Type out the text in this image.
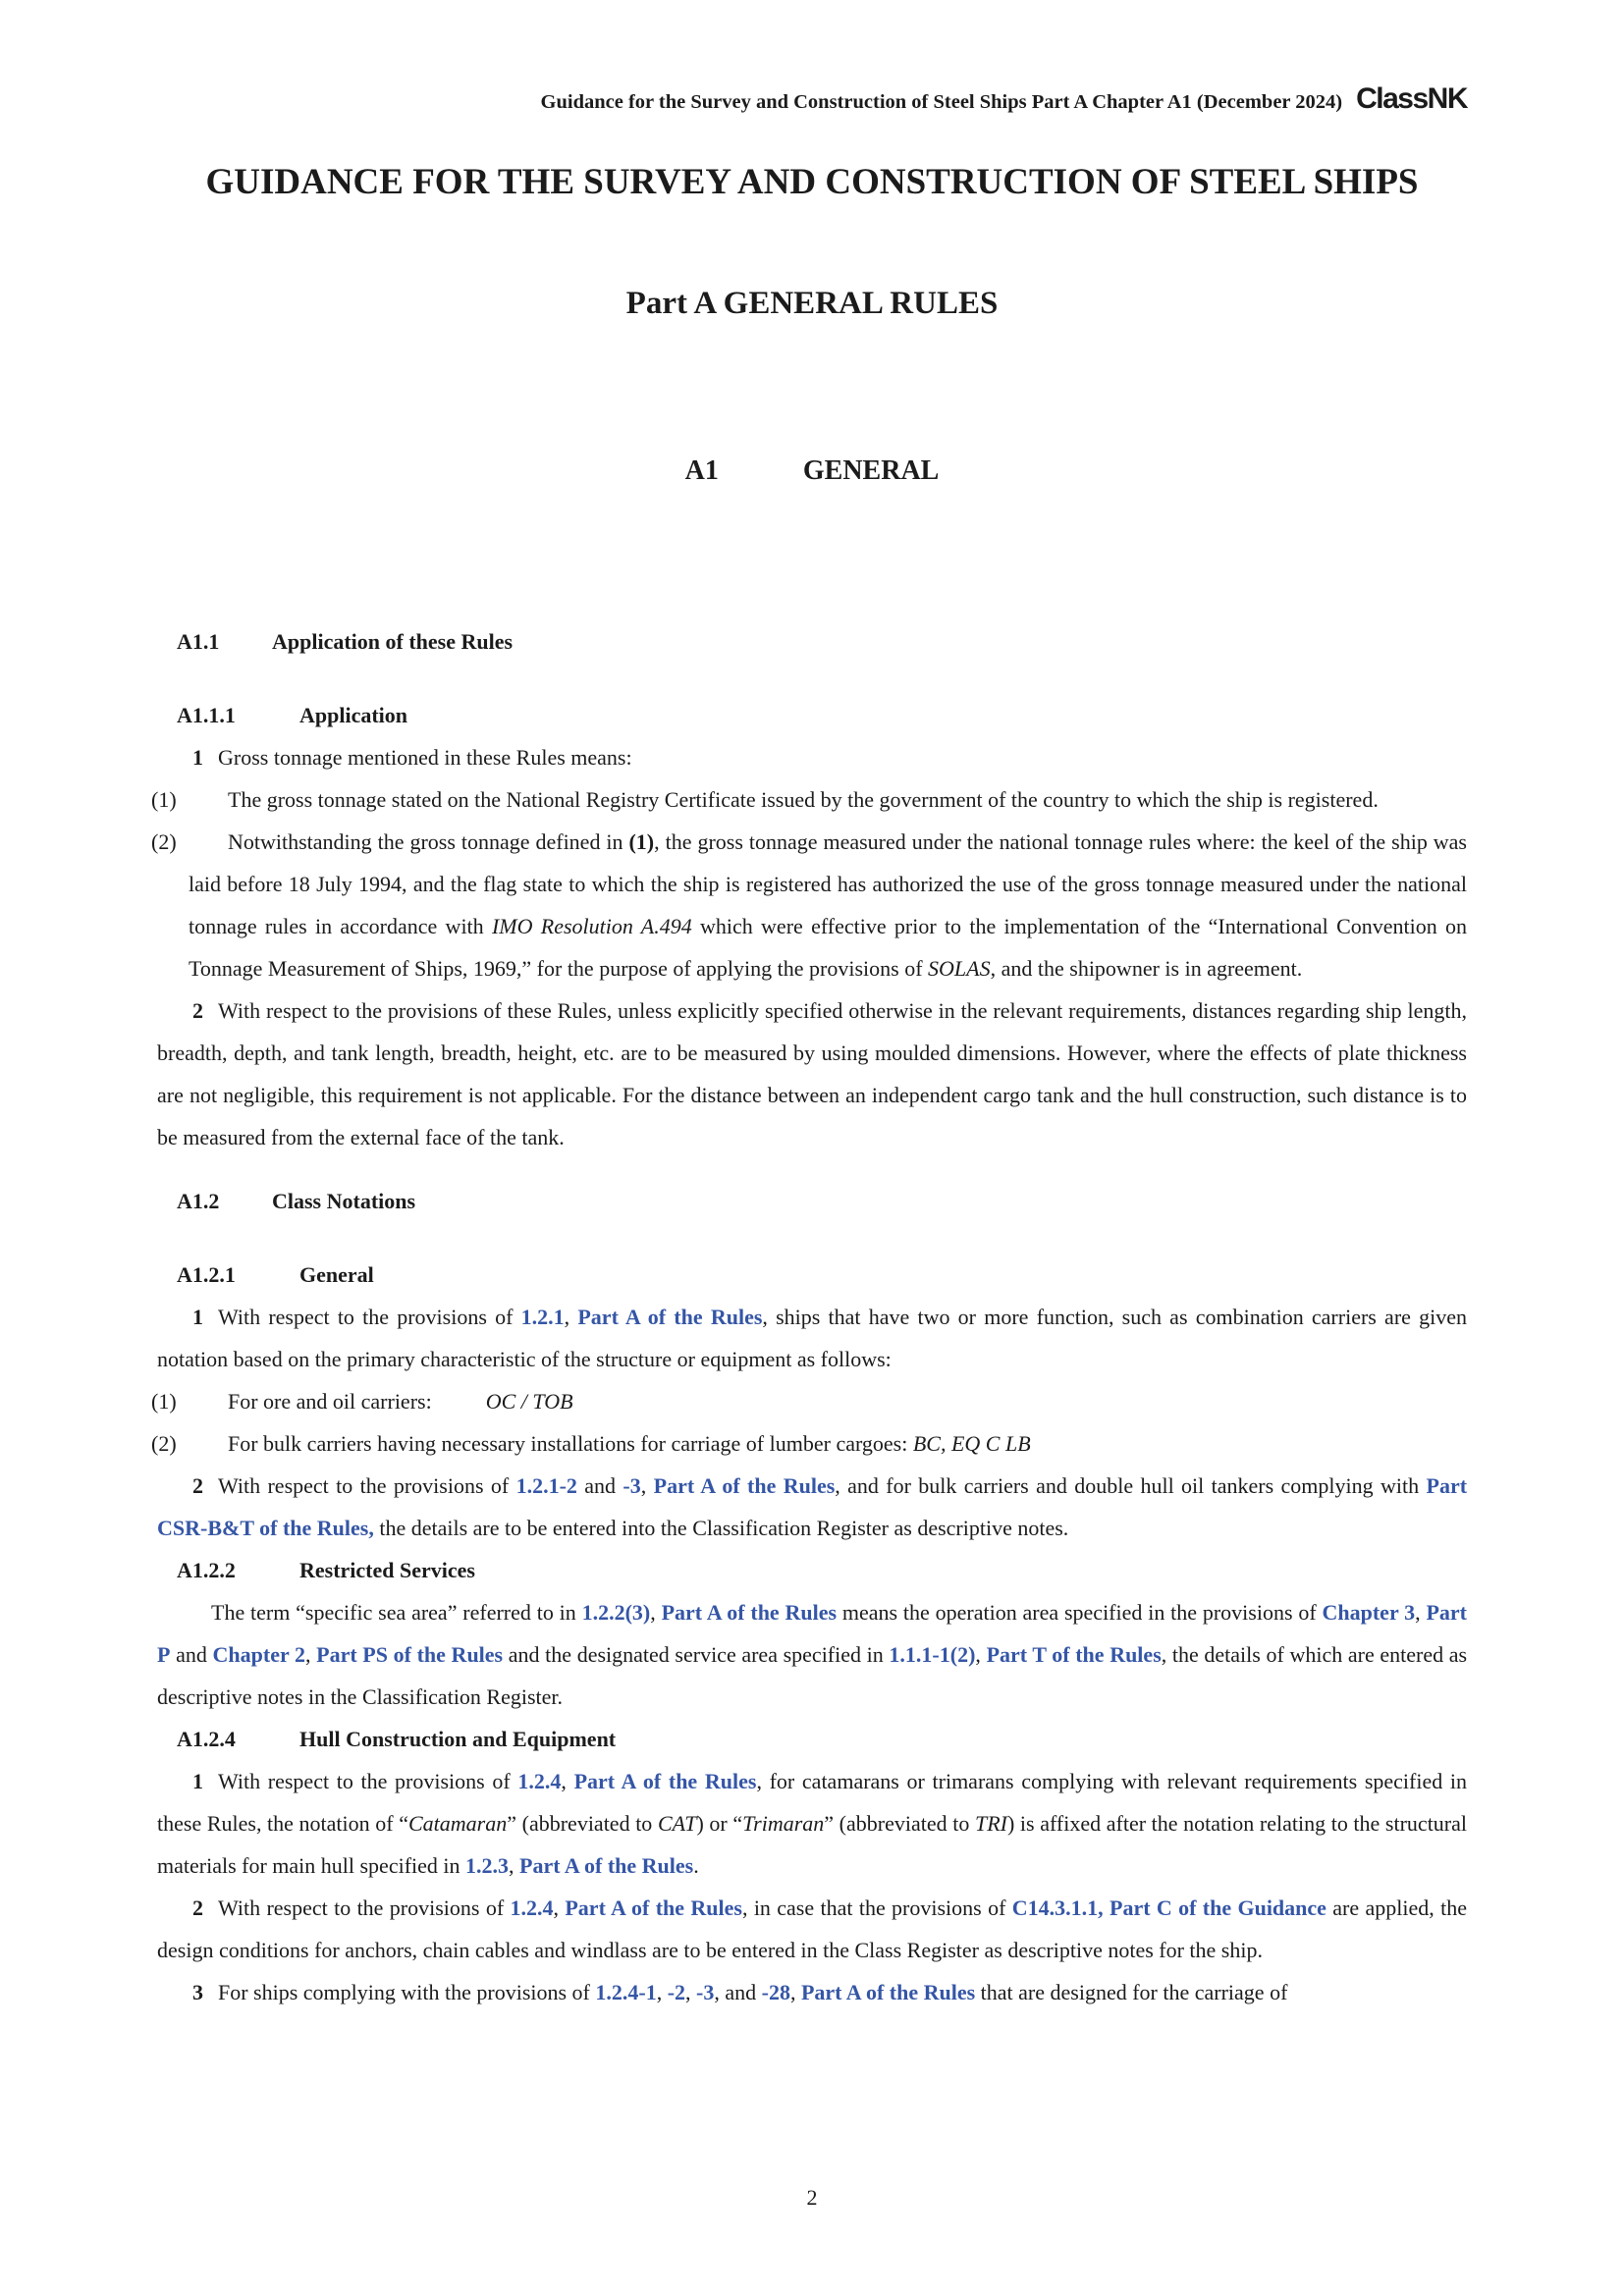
Guidance for the Survey and Construction of Steel Ships Part A Chapter A1 (December 2024) ClassNK
GUIDANCE FOR THE SURVEY AND CONSTRUCTION OF STEEL SHIPS
Part A GENERAL RULES
A1	GENERAL
A1.1 Application of these Rules
A1.1.1	Application

1 Gross tonnage mentioned in these Rules means:

(1) The gross tonnage stated on the National Registry Certificate issued by the government of the country to which the ship is registered.

(2) Notwithstanding the gross tonnage defined in (1), the gross tonnage measured under the national tonnage rules where: the keel of the ship was laid before 18 July 1994, and the flag state to which the ship is registered has authorized the use of the gross tonnage measured under the national tonnage rules in accordance with IMO Resolution A.494 which were effective prior to the implementation of the “International Convention on Tonnage Measurement of Ships, 1969,” for the purpose of applying the provisions of SOLAS, and the shipowner is in agreement.

2 With respect to the provisions of these Rules, unless explicitly specified otherwise in the relevant requirements, distances regarding ship length, breadth, depth, and tank length, breadth, height, etc. are to be measured by using moulded dimensions. However, where the effects of plate thickness are not negligible, this requirement is not applicable. For the distance between an independent cargo tank and the hull construction, such distance is to be measured from the external face of the tank.

A1.2 Class Notations
A1.2.1	General

1 With respect to the provisions of 1.2.1, Part A of the Rules, ships that have two or more function, such as combination carriers are given notation based on the primary characteristic of the structure or equipment as follows:

(1) For ore and oil carriers:   OC / TOB

(2) For bulk carriers having necessary installations for carriage of lumber cargoes: BC, EQ C LB

2 With respect to the provisions of 1.2.1-2 and -3, Part A of the Rules, and for bulk carriers and double hull oil tankers complying with Part CSR-B&T of the Rules, the details are to be entered into the Classification Register as descriptive notes.

A1.2.2	Restricted Services

The term “specific sea area” referred to in 1.2.2(3), Part A of the Rules means the operation area specified in the provisions of Chapter 3, Part P and Chapter 2, Part PS of the Rules and the designated service area specified in 1.1.1-1(2), Part T of the Rules, the details of which are entered as descriptive notes in the Classification Register.

A1.2.4	Hull Construction and Equipment

1 With respect to the provisions of 1.2.4, Part A of the Rules, for catamarans or trimarans complying with relevant requirements specified in these Rules, the notation of “Catamaran” (abbreviated to CAT) or “Trimaran” (abbreviated to TRI) is affixed after the notation relating to the structural materials for main hull specified in 1.2.3, Part A of the Rules.

2 With respect to the provisions of 1.2.4, Part A of the Rules, in case that the provisions of C14.3.1.1, Part C of the Guidance are applied, the design conditions for anchors, chain cables and windlass are to be entered in the Class Register as descriptive notes for the ship.

3 For ships complying with the provisions of 1.2.4-1, -2, -3, and -28, Part A of the Rules that are designed for the carriage of

2
